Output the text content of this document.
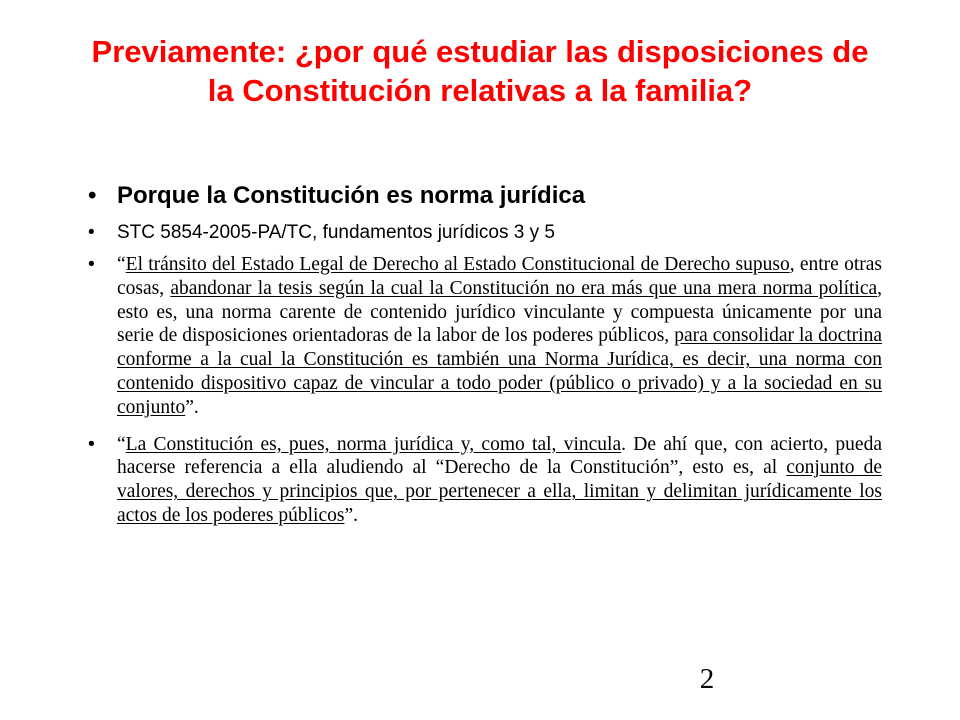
Previamente: ¿por qué estudiar las disposiciones de la Constitución relativas a la familia?
• Porque la Constitución es norma jurídica
• STC 5854-2005-PA/TC, fundamentos jurídicos 3 y 5
• “El tránsito del Estado Legal de Derecho al Estado Constitucional de Derecho supuso, entre otras cosas, abandonar la tesis según la cual la Constitución no era más que una mera norma política, esto es, una norma carente de contenido jurídico vinculante y compuesta únicamente por una serie de disposiciones orientadoras de la labor de los poderes públicos, para consolidar la doctrina conforme a la cual la Constitución es también una Norma Jurídica, es decir, una norma con contenido dispositivo capaz de vincular a todo poder (público o privado) y a la sociedad en su conjunto”.
• “La Constitución es, pues, norma jurídica y, como tal, vincula. De ahí que, con acierto, pueda hacerse referencia a ella aludiendo al “Derecho de la Constitución”, esto es, al conjunto de valores, derechos y principios que, por pertenecer a ella, limitan y delimitan jurídicamente los actos de los poderes públicos”.
2
